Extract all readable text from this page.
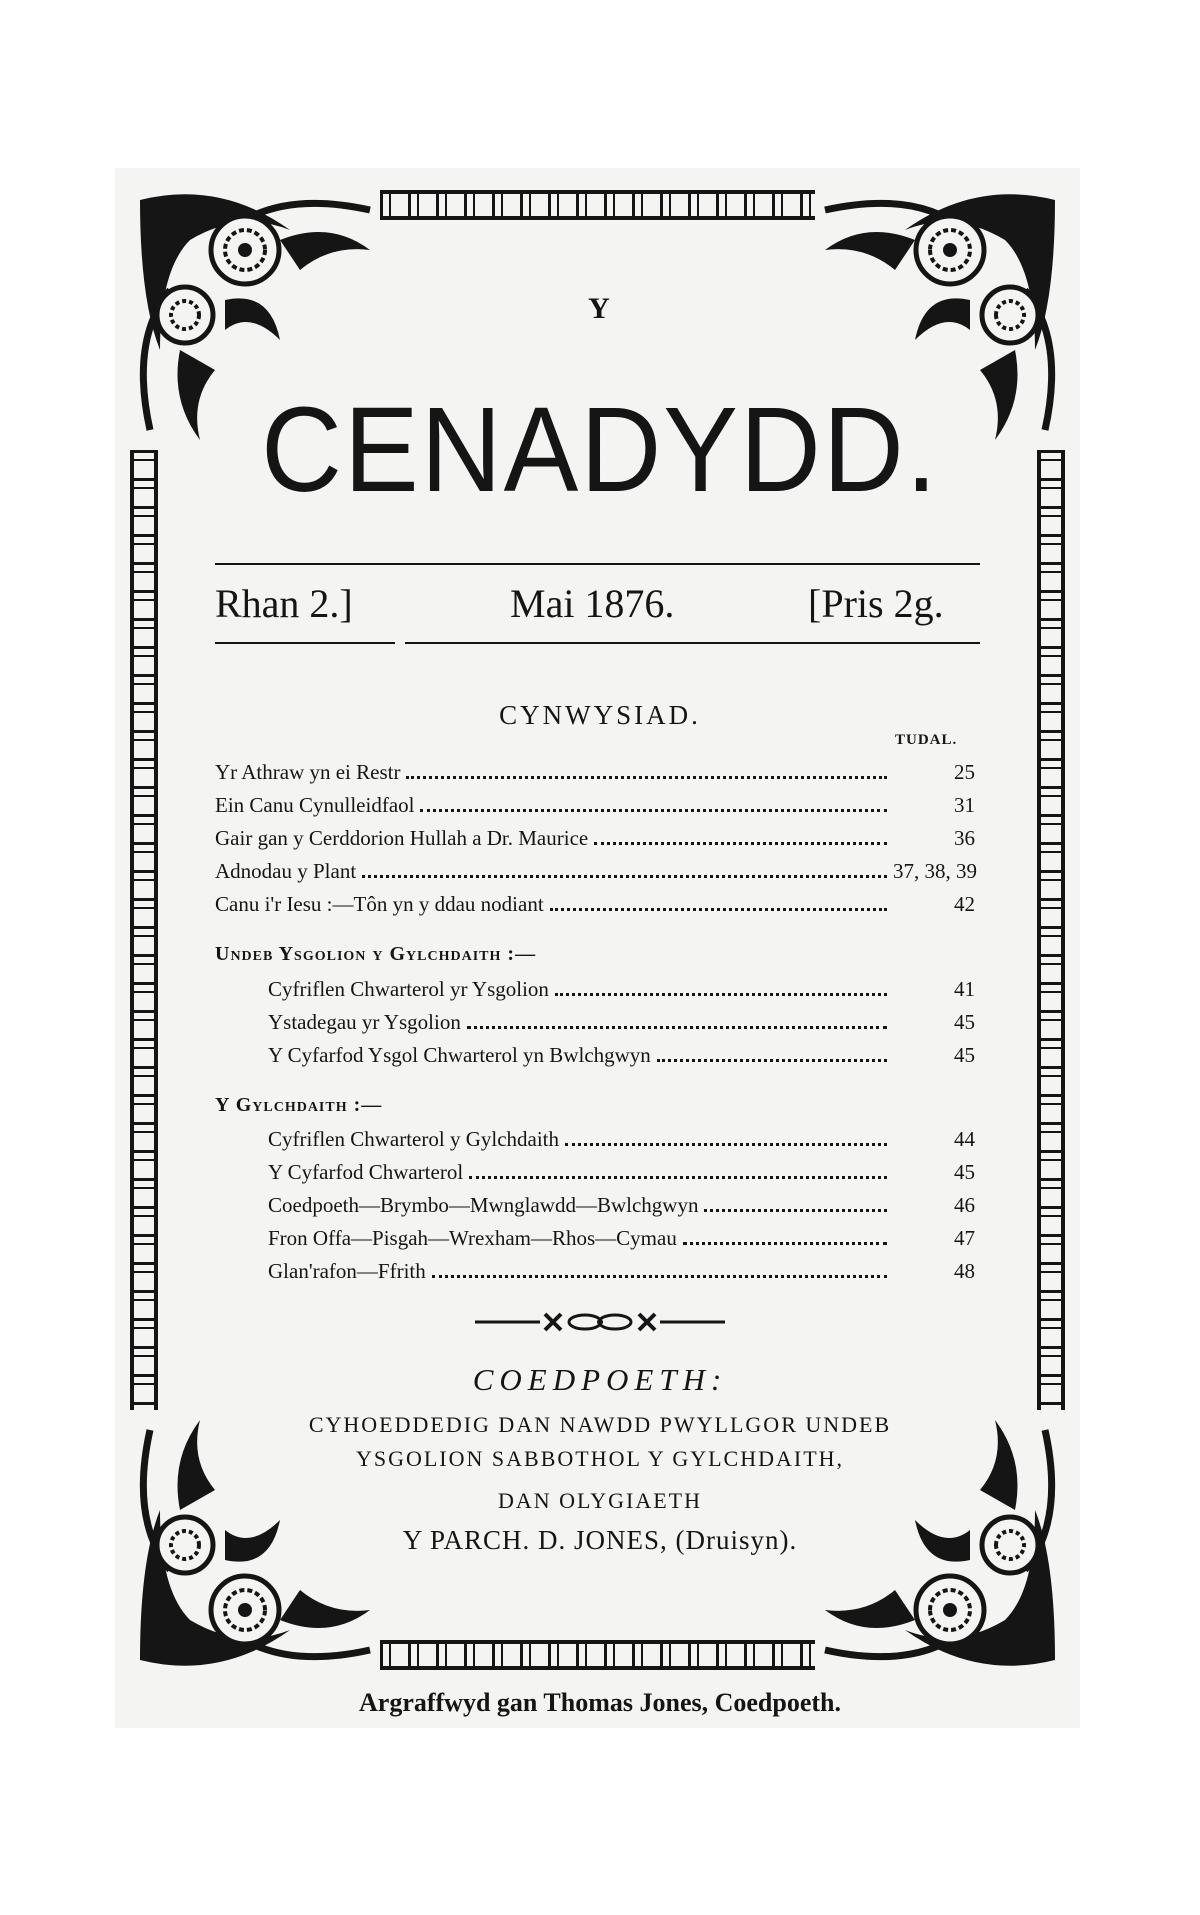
Y
CENADYDD.
Rhan 2.]	Mai 1876.	[Pris 2g.
CYNWYSIAD.
TUDAL.
Yr Athraw yn ei Restr	25
Ein Canu Cynulleidfaol	31
Gair gan y Cerddorion Hullah a Dr. Maurice	36
Adnodau y Plant	37, 38, 39
Canu i'r Iesu :—Tôn yn y ddau nodiant	42
Undeb Ysgolion y Gylchdaith :—
Cyfriflen Chwarterol yr Ysgolion	41
Ystadegau yr Ysgolion	45
Y Cyfarfod Ysgol Chwarterol yn Bwlchgwyn	45
Y Gylchdaith :—
Cyfriflen Chwarterol y Gylchdaith	44
Y Cyfarfod Chwarterol	45
Coedpoeth—Brymbo—Mwnglawdd—Bwlchgwyn	46
Fron Offa—Pisgah—Wrexham—Rhos—Cymau	47
Glan'rafon—Ffrith	48
COEDPOETH:
CYHOEDDEDIG DAN NAWDD PWYLLGOR UNDEB
YSGOLION SABBOTHOL Y GYLCHDAITH,
DAN OLYGIAETH
Y PARCH. D. JONES, (Druisyn).
Argraffwyd gan Thomas Jones, Coedpoeth.
